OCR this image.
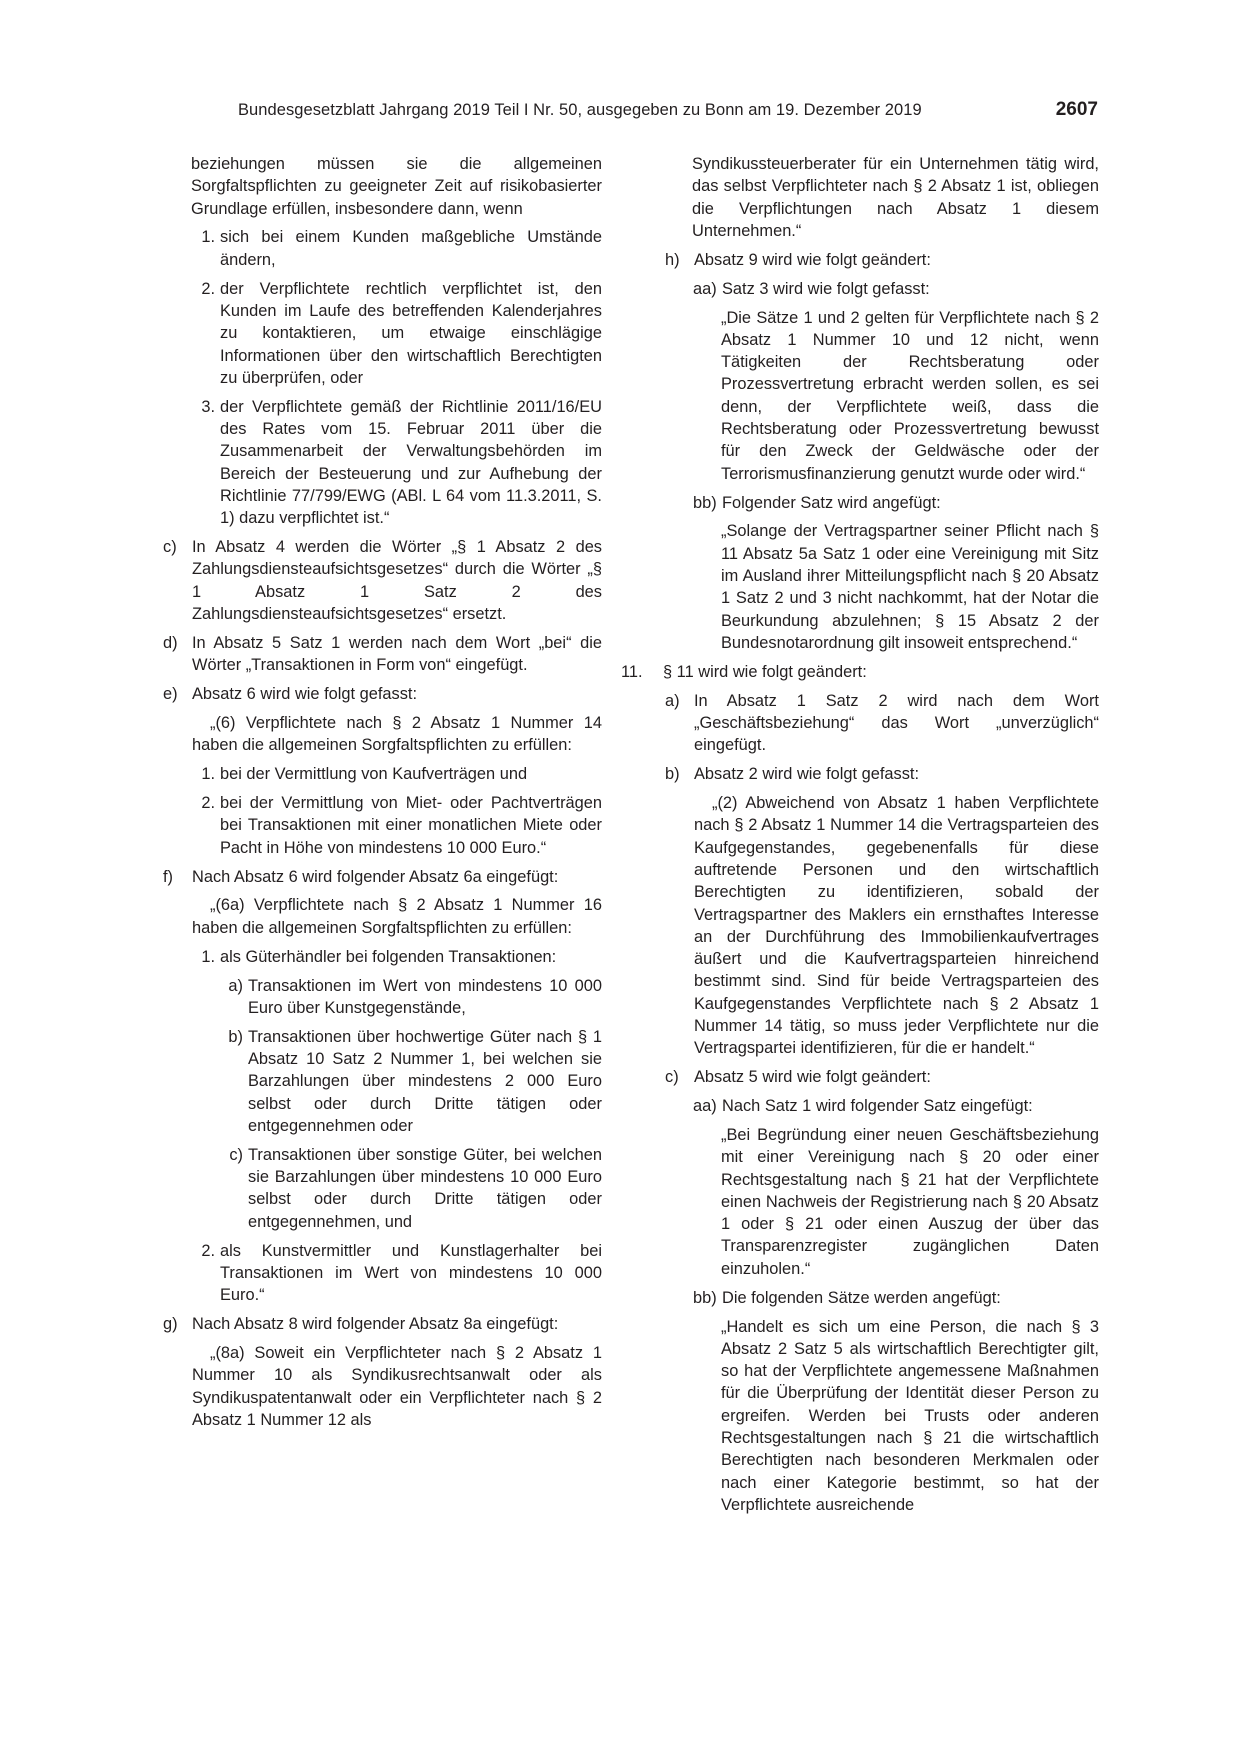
Bundesgesetzblatt Jahrgang 2019 Teil I Nr. 50, ausgegeben zu Bonn am 19. Dezember 2019	2607

beziehungen müssen sie die allgemeinen Sorgfaltspflichten zu geeigneter Zeit auf risikobasierter Grundlage erfüllen, insbesondere dann, wenn

1. sich bei einem Kunden maßgebliche Umstände ändern,
2. der Verpflichtete rechtlich verpflichtet ist, den Kunden im Laufe des betreffenden Kalenderjahres zu kontaktieren, um etwaige einschlägige Informationen über den wirtschaftlich Berechtigten zu überprüfen, oder
3. der Verpflichtete gemäß der Richtlinie 2011/16/EU des Rates vom 15. Februar 2011 über die Zusammenarbeit der Verwaltungsbehörden im Bereich der Besteuerung und zur Aufhebung der Richtlinie 77/799/EWG (ABl. L 64 vom 11.3.2011, S. 1) dazu verpflichtet ist.“
c) In Absatz 4 werden die Wörter „§ 1 Absatz 2 des Zahlungsdiensteaufsichtsgesetzes“ durch die Wörter „§ 1 Absatz 1 Satz 2 des Zahlungsdiensteaufsichtsgesetzes“ ersetzt.
d) In Absatz 5 Satz 1 werden nach dem Wort „bei“ die Wörter „Transaktionen in Form von“ eingefügt.
e) Absatz 6 wird wie folgt gefasst:

„(6) Verpflichtete nach § 2 Absatz 1 Nummer 14 haben die allgemeinen Sorgfaltspflichten zu erfüllen:

1. bei der Vermittlung von Kaufverträgen und
2. bei der Vermittlung von Miet- oder Pachtverträgen bei Transaktionen mit einer monatlichen Miete oder Pacht in Höhe von mindestens 10 000 Euro.“
f)	Nach Absatz 6 wird folgender Absatz 6a eingefügt:

„(6a) Verpflichtete nach § 2 Absatz 1 Nummer 16 haben die allgemeinen Sorgfaltspflichten zu erfüllen:

1. als Güterhändler bei folgenden Transaktionen:
a) Transaktionen im Wert von mindestens 10 000 Euro über Kunstgegenstände,
b) Transaktionen über hochwertige Güter nach § 1 Absatz 10 Satz 2 Nummer 1, bei welchen sie Barzahlungen über mindestens 2 000 Euro selbst oder durch Dritte tätigen oder entgegennehmen oder
c) Transaktionen über sonstige Güter, bei welchen sie Barzahlungen über mindestens 10 000 Euro selbst oder durch Dritte tätigen oder entgegennehmen, und
2. als Kunstvermittler und Kunstlagerhalter bei Transaktionen im Wert von mindestens 10 000 Euro.“
g) Nach Absatz 8 wird folgender Absatz 8a eingefügt:

„(8a) Soweit ein Verpflichteter nach § 2 Absatz 1 Nummer 10 als Syndikusrechtsanwalt oder als Syndikuspatentanwalt oder ein Verpflichteter nach § 2 Absatz 1 Nummer 12 als

Syndikussteuerberater für ein Unternehmen tätig wird, das selbst Verpflichteter nach § 2 Absatz 1 ist, obliegen die Verpflichtungen nach Absatz 1 diesem Unternehmen.“

h) Absatz 9 wird wie folgt geändert:
aa) Satz 3 wird wie folgt gefasst:

„Die Sätze 1 und 2 gelten für Verpflichtete nach § 2 Absatz 1 Nummer 10 und 12 nicht, wenn Tätigkeiten der Rechtsberatung oder Prozessvertretung erbracht werden sollen, es sei denn, der Verpflichtete weiß, dass die Rechtsberatung oder Prozessvertretung bewusst für den Zweck der Geldwäsche oder der Terrorismusfinanzierung genutzt wurde oder wird.“

bb) Folgender Satz wird angefügt:

„Solange der Vertragspartner seiner Pflicht nach § 11 Absatz 5a Satz 1 oder eine Vereinigung mit Sitz im Ausland ihrer Mitteilungspflicht nach § 20 Absatz 1 Satz 2 und 3 nicht nachkommt, hat der Notar die Beurkundung abzulehnen; § 15 Absatz 2 der Bundesnotarordnung gilt insoweit entsprechend.“

11.	§ 11 wird wie folgt geändert:
a) In Absatz 1 Satz 2 wird nach dem Wort „Geschäftsbeziehung“ das Wort „unverzüglich“ eingefügt.
b) Absatz 2 wird wie folgt gefasst:

„(2) Abweichend von Absatz 1 haben Verpflichtete nach § 2 Absatz 1 Nummer 14 die Vertragsparteien des Kaufgegenstandes, gegebenenfalls für diese auftretende Personen und den wirtschaftlich Berechtigten zu identifizieren, sobald der Vertragspartner des Maklers ein ernsthaftes Interesse an der Durchführung des Immobilienkaufvertrages äußert und die Kaufvertragsparteien hinreichend bestimmt sind. Sind für beide Vertragsparteien des Kaufgegenstandes Verpflichtete nach § 2 Absatz 1 Nummer 14 tätig, so muss jeder Verpflichtete nur die Vertragspartei identifizieren, für die er handelt.“

c) Absatz 5 wird wie folgt geändert:
aa) Nach Satz 1 wird folgender Satz eingefügt:

„Bei Begründung einer neuen Geschäftsbeziehung mit einer Vereinigung nach § 20 oder einer Rechtsgestaltung nach § 21 hat der Verpflichtete einen Nachweis der Registrierung nach § 20 Absatz 1 oder § 21 oder einen Auszug der über das Transparenzregister zugänglichen Daten einzuholen.“

bb) Die folgenden Sätze werden angefügt:

„Handelt es sich um eine Person, die nach § 3 Absatz 2 Satz 5 als wirtschaftlich Berechtigter gilt, so hat der Verpflichtete angemessene Maßnahmen für die Überprüfung der Identität dieser Person zu ergreifen. Werden bei Trusts oder anderen Rechtsgestaltungen nach § 21 die wirtschaftlich Berechtigten nach besonderen Merkmalen oder nach einer Kategorie bestimmt, so hat der Verpflichtete ausreichende
